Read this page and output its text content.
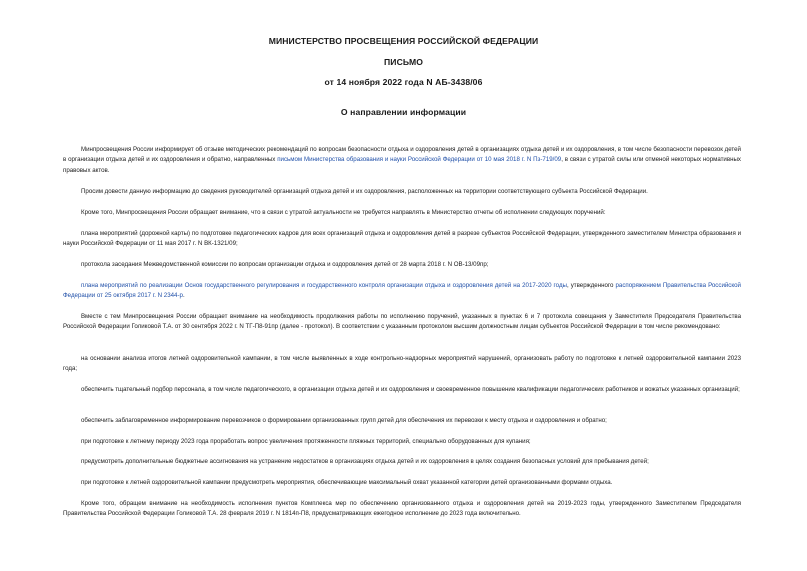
МИНИСТЕРСТВО ПРОСВЕЩЕНИЯ РОССИЙСКОЙ ФЕДЕРАЦИИ
ПИСЬМО
от 14 ноября 2022 года N АБ-3438/06
О направлении информации

Минпросвещения России информирует об отзыве методических рекомендаций по вопросам безопасности отдыха и оздоровления детей в организациях отдыха детей и их оздоровления, в том числе безопасности перевозок детей в организации отдыха детей и их оздоровления и обратно, направленных письмом Министерства образования и науки Российской Федерации от 10 мая 2018 г. N Пз-719/09, в связи с утратой силы или отменой некоторых нормативных правовых актов.

Просим довести данную информацию до сведения руководителей организаций отдыха детей и их оздоровления, расположенных на территории соответствующего субъекта Российской Федерации.

Кроме того, Минпросвещения России обращает внимание, что в связи с утратой актуальности не требуется направлять в Министерство отчеты об исполнении следующих поручений:

плана мероприятий (дорожной карты) по подготовке педагогических кадров для всех организаций отдыха и оздоровления детей в разрезе субъектов Российской Федерации, утвержденного заместителем Министра образования и науки Российской Федерации от 11 мая 2017 г. N ВК-1321/09;

протокола заседания Межведомственной комиссии по вопросам организации отдыха и оздоровления детей от 28 марта 2018 г. N ОВ-13/09пр;

плана мероприятий по реализации Основ государственного регулирования и государственного контроля организации отдыха и оздоровления детей на 2017-2020 годы, утвержденного распоряжением Правительства Российской Федерации от 25 октября 2017 г. N 2344-р.

Вместе с тем Минпросвещения России обращает внимание на необходимость продолжения работы по исполнению поручений, указанных в пунктах 6 и 7 протокола совещания у Заместителя Председателя Правительства Российской Федерации Голиковой Т.А. от 30 сентября 2022 г. N ТГ-П8-91пр (далее - протокол). В соответствии с указанным протоколом высшим должностным лицам субъектов Российской Федерации в том числе рекомендовано:

на основании анализа итогов летней оздоровительной кампании, в том числе выявленных в ходе контрольно-надзорных мероприятий нарушений, организовать работу по подготовке к летней оздоровительной кампании 2023 года;

обеспечить тщательный подбор персонала, в том числе педагогического, в организации отдыха детей и их оздоровления и своевременное повышение квалификации педагогических работников и вожатых указанных организаций;

обеспечить заблаговременное информирование перевозчиков о формировании организованных групп детей для обеспечения их перевозки к месту отдыха и оздоровления и обратно;

при подготовке к летнему периоду 2023 года проработать вопрос увеличения протяженности пляжных территорий, специально оборудованных для купания;

предусмотреть дополнительные бюджетные ассигнования на устранение недостатков в организациях отдыха детей и их оздоровления в целях создания безопасных условий для пребывания детей;

при подготовке к летней оздоровительной кампании предусмотреть мероприятия, обеспечивающие максимальный охват указанной категории детей организованными формами отдыха.

Кроме того, обращем внимание на необходимость исполнения пунктов Комплекса мер по обеспечению организованного отдыха и оздоровления детей на 2019-2023 годы, утвержденного Заместителем Председателя Правительства Российской Федерации Голиковой Т.А. 28 февраля 2019 г. N 1814п-П8, предусматривающих ежегодное исполнение до 2023 года включительно.
